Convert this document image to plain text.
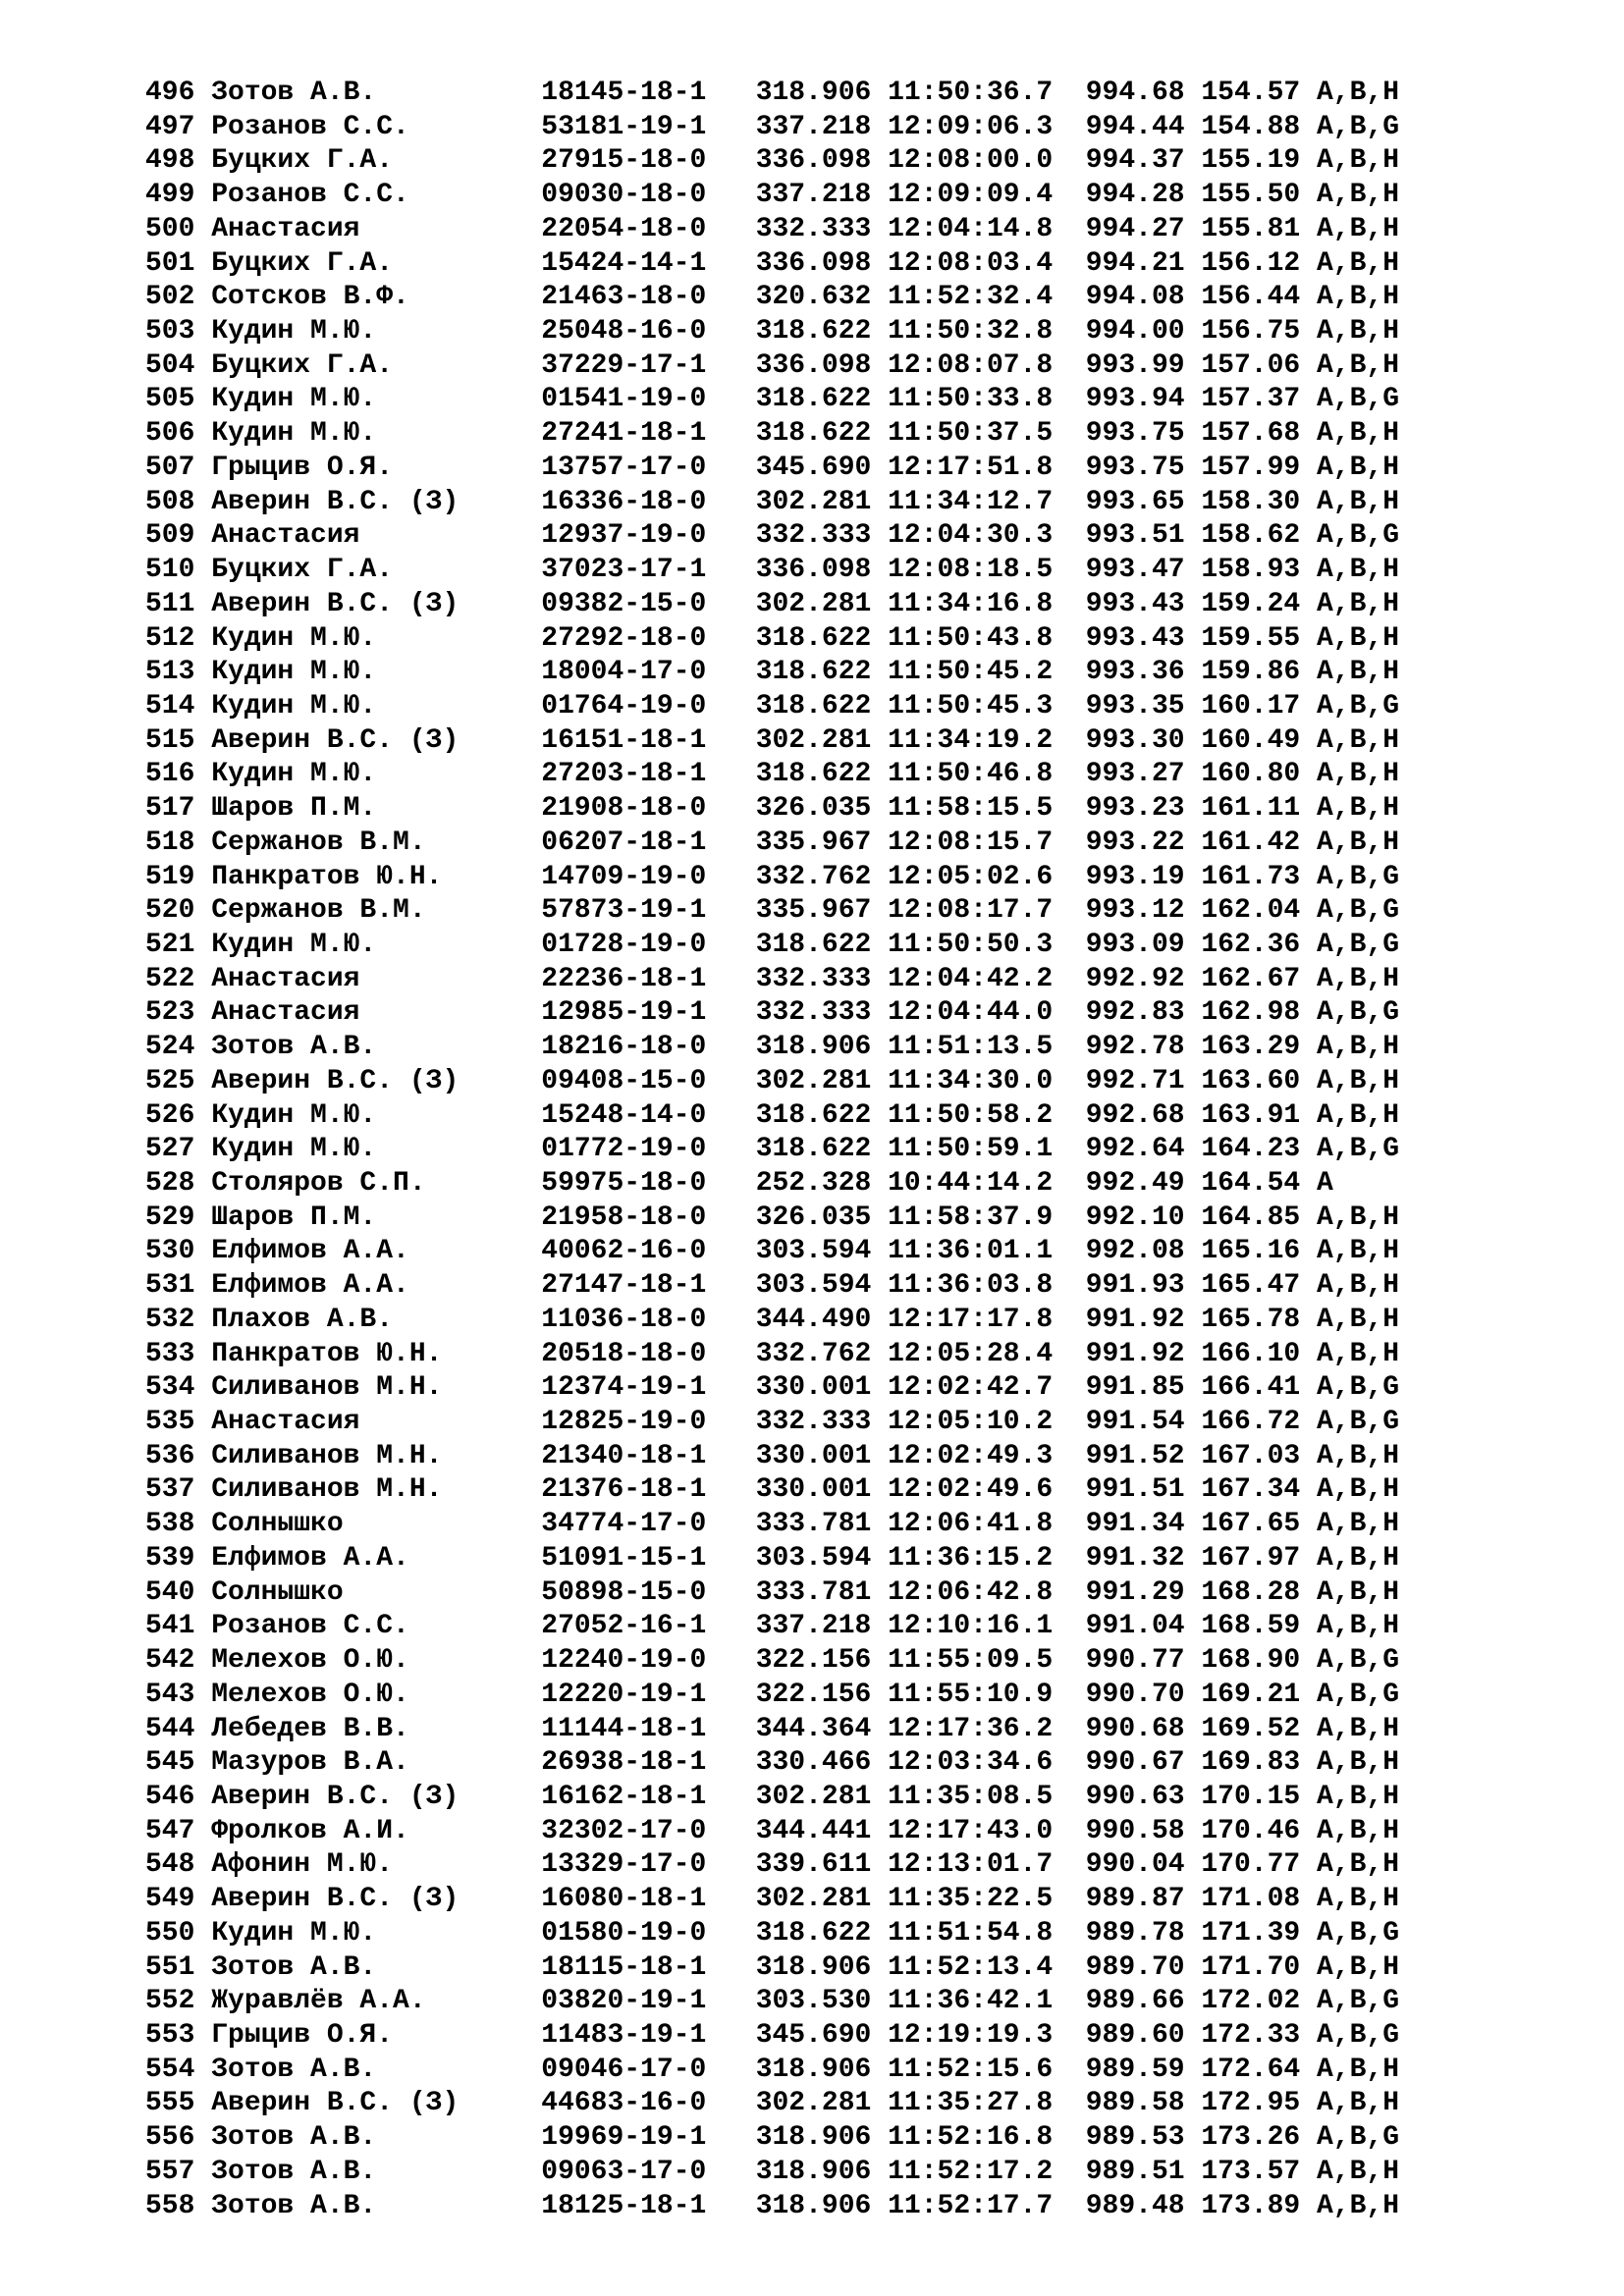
496 Зотов А.В.          18145-18-1   318.906 11:50:36.7  994.68 154.57 A,B,H
497 Розанов С.С.        53181-19-1   337.218 12:09:06.3  994.44 154.88 A,B,G
498 Буцких Г.А.         27915-18-0   336.098 12:08:00.0  994.37 155.19 A,B,H
499 Розанов С.С.        09030-18-0   337.218 12:09:09.4  994.28 155.50 A,B,H
500 Анастасия           22054-18-0   332.333 12:04:14.8  994.27 155.81 A,B,H
501 Буцких Г.А.         15424-14-1   336.098 12:08:03.4  994.21 156.12 A,B,H
502 Сотсков В.Ф.        21463-18-0   320.632 11:52:32.4  994.08 156.44 A,B,H
503 Кудин М.Ю.          25048-16-0   318.622 11:50:32.8  994.00 156.75 A,B,H
504 Буцких Г.А.         37229-17-1   336.098 12:08:07.8  993.99 157.06 A,B,H
505 Кудин М.Ю.          01541-19-0   318.622 11:50:33.8  993.94 157.37 A,B,G
506 Кудин М.Ю.          27241-18-1   318.622 11:50:37.5  993.75 157.68 A,B,H
507 Грыцив О.Я.         13757-17-0   345.690 12:17:51.8  993.75 157.99 A,B,H
508 Аверин В.С. (З)     16336-18-0   302.281 11:34:12.7  993.65 158.30 A,B,H
509 Анастасия           12937-19-0   332.333 12:04:30.3  993.51 158.62 A,B,G
510 Буцких Г.А.         37023-17-1   336.098 12:08:18.5  993.47 158.93 A,B,H
511 Аверин В.С. (З)     09382-15-0   302.281 11:34:16.8  993.43 159.24 A,B,H
512 Кудин М.Ю.          27292-18-0   318.622 11:50:43.8  993.43 159.55 A,B,H
513 Кудин М.Ю.          18004-17-0   318.622 11:50:45.2  993.36 159.86 A,B,H
514 Кудин М.Ю.          01764-19-0   318.622 11:50:45.3  993.35 160.17 A,B,G
515 Аверин В.С. (З)     16151-18-1   302.281 11:34:19.2  993.30 160.49 A,B,H
516 Кудин М.Ю.          27203-18-1   318.622 11:50:46.8  993.27 160.80 A,B,H
517 Шаров П.М.          21908-18-0   326.035 11:58:15.5  993.23 161.11 A,B,H
518 Сержанов В.М.       06207-18-1   335.967 12:08:15.7  993.22 161.42 A,B,H
519 Панкратов Ю.Н.      14709-19-0   332.762 12:05:02.6  993.19 161.73 A,B,G
520 Сержанов В.М.       57873-19-1   335.967 12:08:17.7  993.12 162.04 A,B,G
521 Кудин М.Ю.          01728-19-0   318.622 11:50:50.3  993.09 162.36 A,B,G
522 Анастасия           22236-18-1   332.333 12:04:42.2  992.92 162.67 A,B,H
523 Анастасия           12985-19-1   332.333 12:04:44.0  992.83 162.98 A,B,G
524 Зотов А.В.          18216-18-0   318.906 11:51:13.5  992.78 163.29 A,B,H
525 Аверин В.С. (З)     09408-15-0   302.281 11:34:30.0  992.71 163.60 A,B,H
526 Кудин М.Ю.          15248-14-0   318.622 11:50:58.2  992.68 163.91 A,B,H
527 Кудин М.Ю.          01772-19-0   318.622 11:50:59.1  992.64 164.23 A,B,G
528 Столяров С.П.       59975-18-0   252.328 10:44:14.2  992.49 164.54 A
529 Шаров П.М.          21958-18-0   326.035 11:58:37.9  992.10 164.85 A,B,H
530 Елфимов А.А.        40062-16-0   303.594 11:36:01.1  992.08 165.16 A,B,H
531 Елфимов А.А.        27147-18-1   303.594 11:36:03.8  991.93 165.47 A,B,H
532 Плахов А.В.         11036-18-0   344.490 12:17:17.8  991.92 165.78 A,B,H
533 Панкратов Ю.Н.      20518-18-0   332.762 12:05:28.4  991.92 166.10 A,B,H
534 Силиванов М.Н.      12374-19-1   330.001 12:02:42.7  991.85 166.41 A,B,G
535 Анастасия           12825-19-0   332.333 12:05:10.2  991.54 166.72 A,B,G
536 Силиванов М.Н.      21340-18-1   330.001 12:02:49.3  991.52 167.03 A,B,H
537 Силиванов М.Н.      21376-18-1   330.001 12:02:49.6  991.51 167.34 A,B,H
538 Солнышко            34774-17-0   333.781 12:06:41.8  991.34 167.65 A,B,H
539 Елфимов А.А.        51091-15-1   303.594 11:36:15.2  991.32 167.97 A,B,H
540 Солнышко            50898-15-0   333.781 12:06:42.8  991.29 168.28 A,B,H
541 Розанов С.С.        27052-16-1   337.218 12:10:16.1  991.04 168.59 A,B,H
542 Мелехов О.Ю.        12240-19-0   322.156 11:55:09.5  990.77 168.90 A,B,G
543 Мелехов О.Ю.        12220-19-1   322.156 11:55:10.9  990.70 169.21 A,B,G
544 Лебедев В.В.        11144-18-1   344.364 12:17:36.2  990.68 169.52 A,B,H
545 Мазуров В.А.        26938-18-1   330.466 12:03:34.6  990.67 169.83 A,B,H
546 Аверин В.С. (З)     16162-18-1   302.281 11:35:08.5  990.63 170.15 A,B,H
547 Фролков А.И.        32302-17-0   344.441 12:17:43.0  990.58 170.46 A,B,H
548 Афонин М.Ю.         13329-17-0   339.611 12:13:01.7  990.04 170.77 A,B,H
549 Аверин В.С. (З)     16080-18-1   302.281 11:35:22.5  989.87 171.08 A,B,H
550 Кудин М.Ю.          01580-19-0   318.622 11:51:54.8  989.78 171.39 A,B,G
551 Зотов А.В.          18115-18-1   318.906 11:52:13.4  989.70 171.70 A,B,H
552 Журавлёв А.А.       03820-19-1   303.530 11:36:42.1  989.66 172.02 A,B,G
553 Грыцив О.Я.         11483-19-1   345.690 12:19:19.3  989.60 172.33 A,B,G
554 Зотов А.В.          09046-17-0   318.906 11:52:15.6  989.59 172.64 A,B,H
555 Аверин В.С. (З)     44683-16-0   302.281 11:35:27.8  989.58 172.95 A,B,H
556 Зотов А.В.          19969-19-1   318.906 11:52:16.8  989.53 173.26 A,B,G
557 Зотов А.В.          09063-17-0   318.906 11:52:17.2  989.51 173.57 A,B,H
558 Зотов А.В.          18125-18-1   318.906 11:52:17.7  989.48 173.89 A,B,H
